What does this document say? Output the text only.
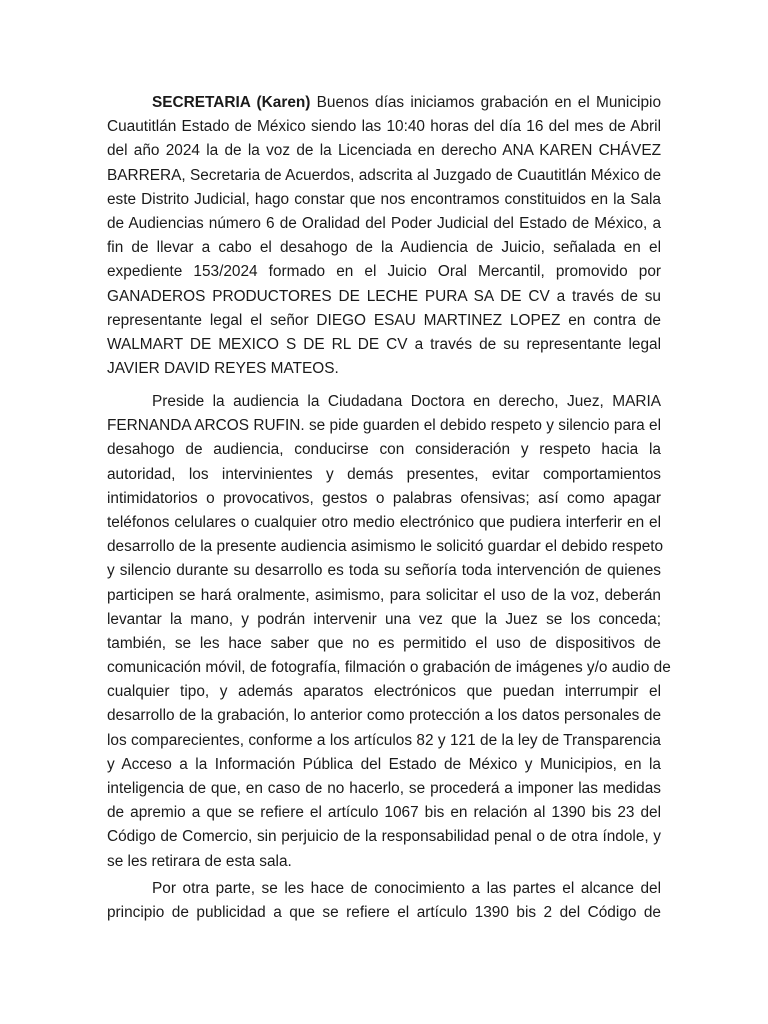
SECRETARIA (Karen) Buenos días iniciamos grabación en el Municipio
Cuautitlán Estado de México siendo las 10:40 horas del día 16 del mes de Abril
del año 2024 la de la voz de la Licenciada en derecho ANA KAREN CHÁVEZ
BARRERA, Secretaria de Acuerdos, adscrita al Juzgado de Cuautitlán México de
este Distrito Judicial, hago constar que nos encontramos constituidos en la Sala
de Audiencias número 6 de Oralidad del Poder Judicial del Estado de México, a
fin de llevar a cabo el desahogo de la Audiencia de Juicio, señalada en el
expediente 153/2024 formado en el Juicio Oral Mercantil, promovido por
GANADEROS PRODUCTORES DE LECHE PURA SA DE CV a través de su
representante legal el señor DIEGO ESAU MARTINEZ LOPEZ en contra de
WALMART DE MEXICO S DE RL DE CV a través de su representante legal
JAVIER DAVID REYES MATEOS.
Preside la audiencia la Ciudadana Doctora en derecho, Juez, MARIA
FERNANDA ARCOS RUFIN. se pide guarden el debido respeto y silencio para el
desahogo de audiencia, conducirse con consideración y respeto hacia la
autoridad, los intervinientes y demás presentes, evitar comportamientos
intimidatorios o provocativos, gestos o palabras ofensivas; así como apagar
teléfonos celulares o cualquier otro medio electrónico que pudiera interferir en el
desarrollo de la presente audiencia asimismo le solicitó guardar el debido respeto
y silencio durante su desarrollo es toda su señoría toda intervención de quienes
participen se hará oralmente, asimismo, para solicitar el uso de la voz, deberán
levantar la mano, y podrán intervenir una vez que la Juez se los conceda;
también, se les hace saber que no es permitido el uso de dispositivos de
comunicación móvil, de fotografía, filmación o grabación de imágenes y/o audio de
cualquier tipo, y además aparatos electrónicos que puedan interrumpir el
desarrollo de la grabación, lo anterior como protección a los datos personales de
los comparecientes, conforme a los artículos 82 y 121 de la ley de Transparencia
y Acceso a la Información Pública del Estado de México y Municipios, en la
inteligencia de que, en caso de no hacerlo, se procederá a imponer las medidas
de apremio a que se refiere el artículo 1067 bis en relación al 1390 bis 23 del
Código de Comercio, sin perjuicio de la responsabilidad penal o de otra índole, y
se les retirara de esta sala.
Por otra parte, se les hace de conocimiento a las partes el alcance del
principio de publicidad a que se refiere el artículo 1390 bis 2 del Código de
